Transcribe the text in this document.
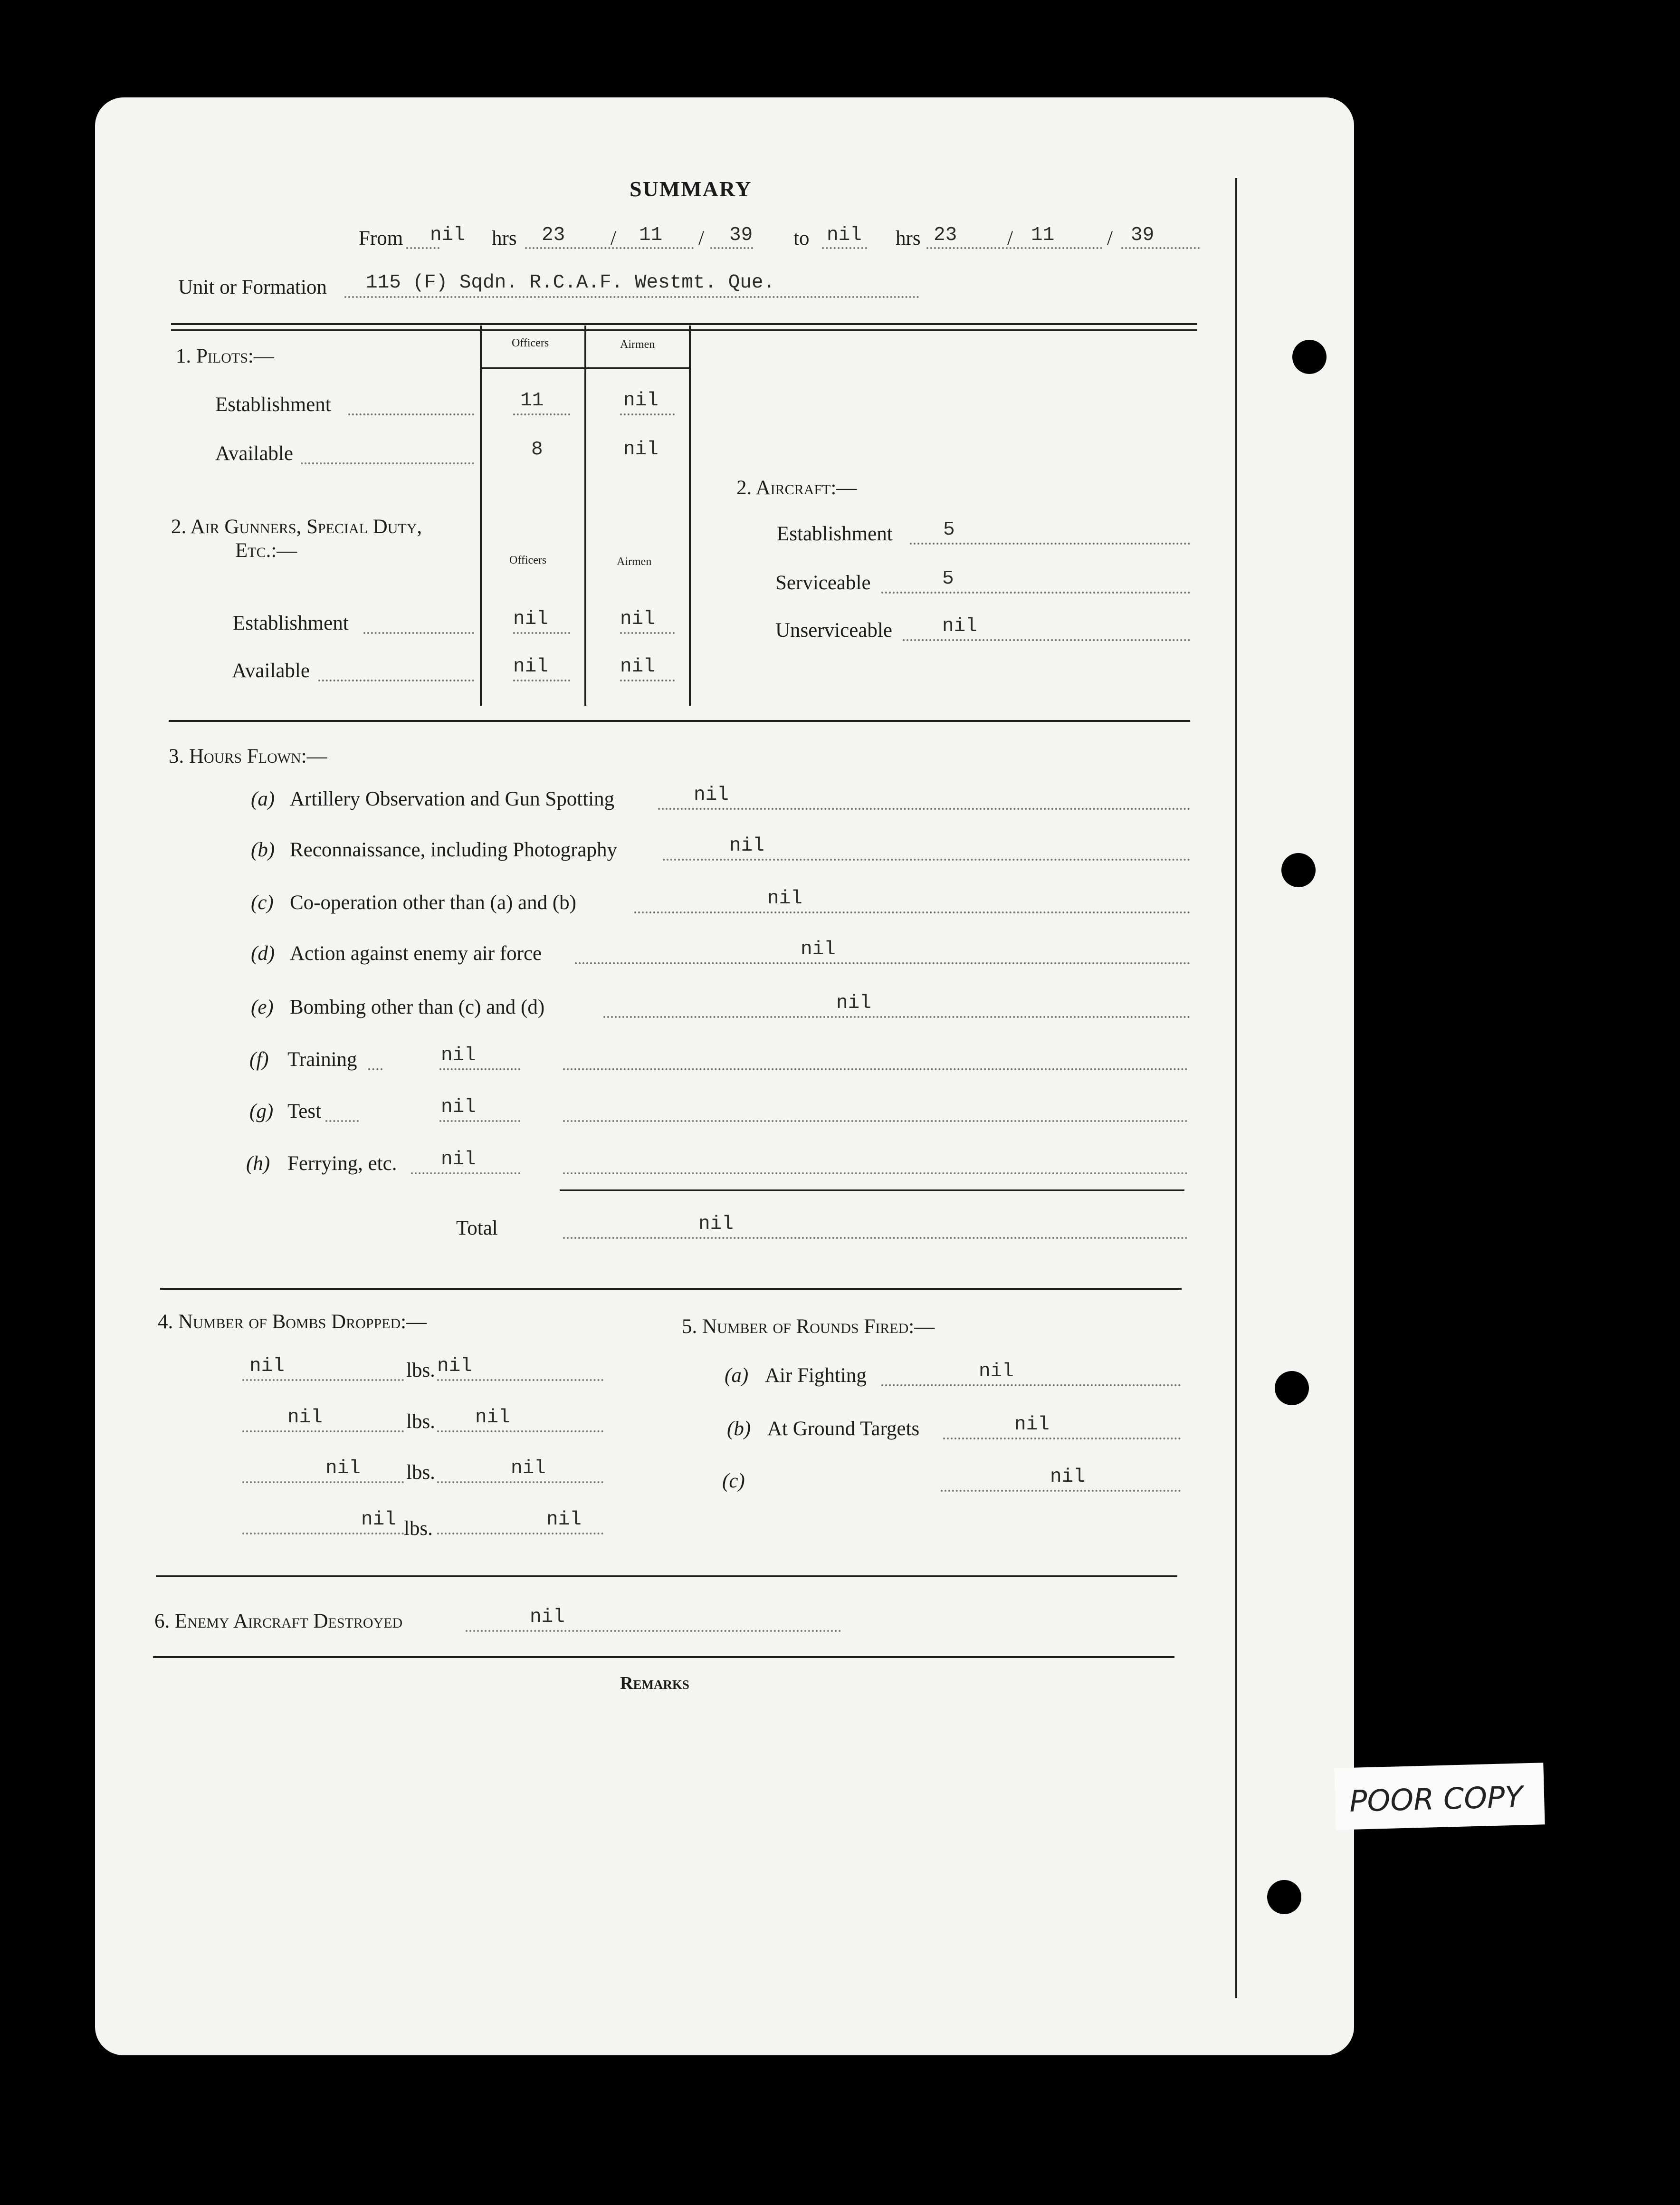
SUMMARY
From nil hrs 23 / 11 / 39 to nil hrs 23 / 11	/ 39
Unit or Formation 115 (F) Sqdn. R.C.A.F. Westmt. Que.
Officers	Airmen
1. Pilots:—
Establishment	11	nil
Available	8	nil
2. Air Gunners, Special Duty,
Etc.:—	Officers	Airmen
Establishment	nil	nil
Available	nil	nil
2. Aircraft:—
Establishment	5
Serviceable	5
Unserviceable	nil
3. Hours Flown:—
(a) Artillery Observation and Gun Spotting	nil
(b) Reconnaissance, including Photography	nil
(c) Co-operation other than (a) and (b)	nil
(d) Action against enemy air force	nil
(e) Bombing other than (c) and (d)	nil
(f) Training	nil
(g) Test	nil
(h) Ferrying, etc. nil
Total	nil
4. Number of Bombs Dropped:—
nil	lbs. nil
nil	lbs. nil
nil lbs.	nil
nil lbs.	nil
5. Number of Rounds Fired:—
(a) Air Fighting	nil
(b) At Ground Targets	nil
(c)	nil
6. Enemy Aircraft Destroyed	nil
Remarks
POOR COPY
